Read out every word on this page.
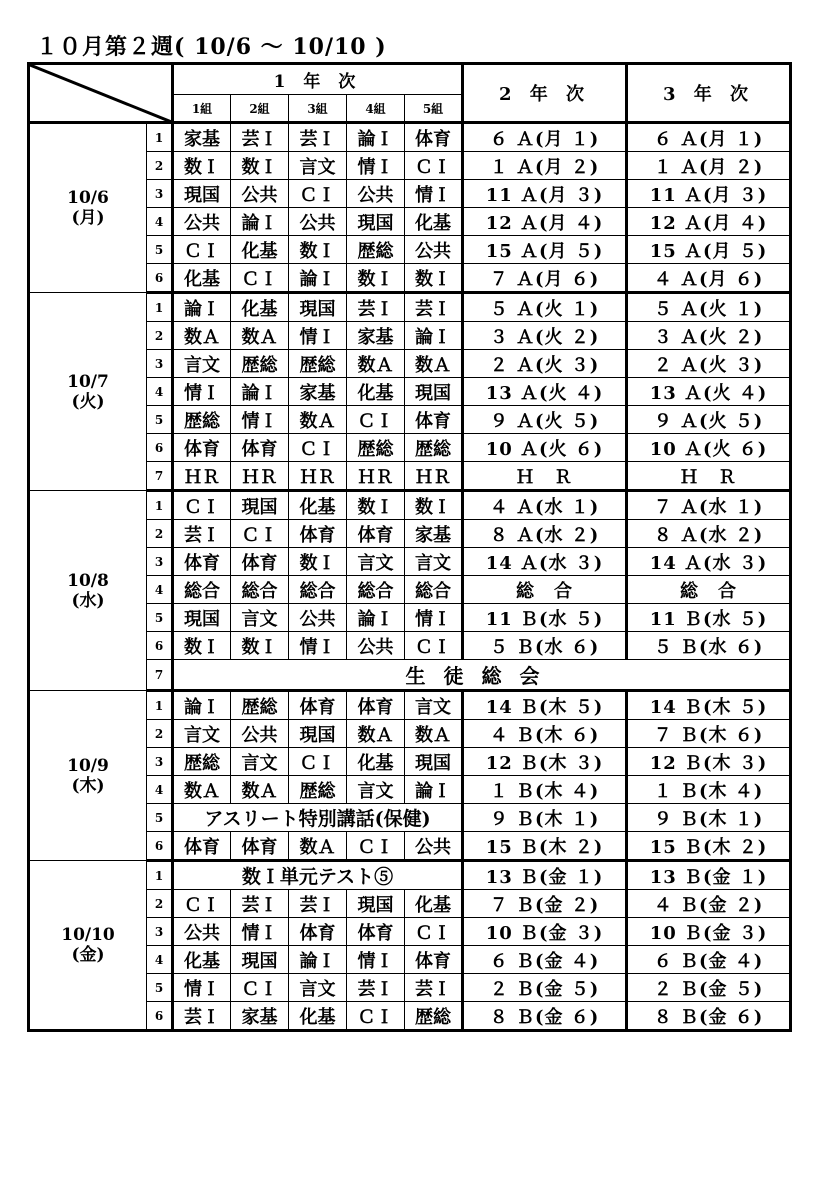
１０月第２週( 10/6 ～ 10/10 )
	1 年 次					2 年 次	3 年 次
		1組	2組	3組	4組	5組		

10/6
(月)	1	家基	芸Ｉ	芸Ｉ	論Ｉ	体育	６ Ａ(月 １)	６ Ａ(月 １)
	2	数Ｉ	数Ｉ	言文	情Ｉ	ＣＩ	１ Ａ(月 ２)	１ Ａ(月 ２)
	3	現国	公共	ＣＩ	公共	情Ｉ	11 Ａ(月 ３)	11 Ａ(月 ３)
	4	公共	論Ｉ	公共	現国	化基	12 Ａ(月 ４)	12 Ａ(月 ４)
	5	ＣＩ	化基	数Ｉ	歴総	公共	15 Ａ(月 ５)	15 Ａ(月 ５)
	6	化基	ＣＩ	論Ｉ	数Ｉ	数Ｉ	７ Ａ(月 ６)	４ Ａ(月 ６)

10/7
(火)	1	論Ｉ	化基	現国	芸Ｉ	芸Ｉ	５ Ａ(火 １)	５ Ａ(火 １)
	2	数Ａ	数Ａ	情Ｉ	家基	論Ｉ	３ Ａ(火 ２)	３ Ａ(火 ２)
	3	言文	歴総	歴総	数Ａ	数Ａ	２ Ａ(火 ３)	２ Ａ(火 ３)
	4	情Ｉ	論Ｉ	家基	化基	現国	13 Ａ(火 ４)	13 Ａ(火 ４)
	5	歴総	情Ｉ	数Ａ	ＣＩ	体育	９ Ａ(火 ５)	９ Ａ(火 ５)
	6	体育	体育	ＣＩ	歴総	歴総	10 Ａ(火 ６)	10 Ａ(火 ６)
	7	ＨＲ	ＨＲ	ＨＲ	ＨＲ	ＨＲ	Ｈ　Ｒ	Ｈ　Ｒ

10/8
(水)	1	ＣＩ	現国	化基	数Ｉ	数Ｉ	４ Ａ(水 １)	７ Ａ(水 １)
	2	芸Ｉ	ＣＩ	体育	体育	家基	８ Ａ(水 ２)	８ Ａ(水 ２)
	3	体育	体育	数Ｉ	言文	言文	14 Ａ(水 ３)	14 Ａ(水 ３)
	4	総合	総合	総合	総合	総合	総　合	総　合
	5	現国	言文	公共	論Ｉ	情Ｉ	11 Ｂ(水 ５)	11 Ｂ(水 ５)
	6	数Ｉ	数Ｉ	情Ｉ	公共	ＣＩ	５ Ｂ(水 ６)	５ Ｂ(水 ６)
	7	生徒総会						

10/9
(木)	1	論Ｉ	歴総	体育	体育	言文	14 Ｂ(木 ５)	14 Ｂ(木 ５)
	2	言文	公共	現国	数Ａ	数Ａ	４ Ｂ(木 ６)	７ Ｂ(木 ６)
	3	歴総	言文	ＣＩ	化基	現国	12 Ｂ(木 ３)	12 Ｂ(木 ３)
	4	数Ａ	数Ａ	歴総	言文	論Ｉ	１ Ｂ(木 ４)	１ Ｂ(木 ４)
	5	アスリート特別講話(保健)					９ Ｂ(木 １)	９ Ｂ(木 １)
	6	体育	体育	数Ａ	ＣＩ	公共	15 Ｂ(木 ２)	15 Ｂ(木 ２)

10/10
(金)	1	数Ｉ単元テスト⑤					13 Ｂ(金 １)	13 Ｂ(金 １)
	2	ＣＩ	芸Ｉ	芸Ｉ	現国	化基	７ Ｂ(金 ２)	４ Ｂ(金 ２)
	3	公共	情Ｉ	体育	体育	ＣＩ	10 Ｂ(金 ３)	10 Ｂ(金 ３)
	4	化基	現国	論Ｉ	情Ｉ	体育	６ Ｂ(金 ４)	６ Ｂ(金 ４)
	5	情Ｉ	ＣＩ	言文	芸Ｉ	芸Ｉ	２ Ｂ(金 ５)	２ Ｂ(金 ５)
	6	芸Ｉ	家基	化基	ＣＩ	歴総	８ Ｂ(金 ６)	８ Ｂ(金 ６)
